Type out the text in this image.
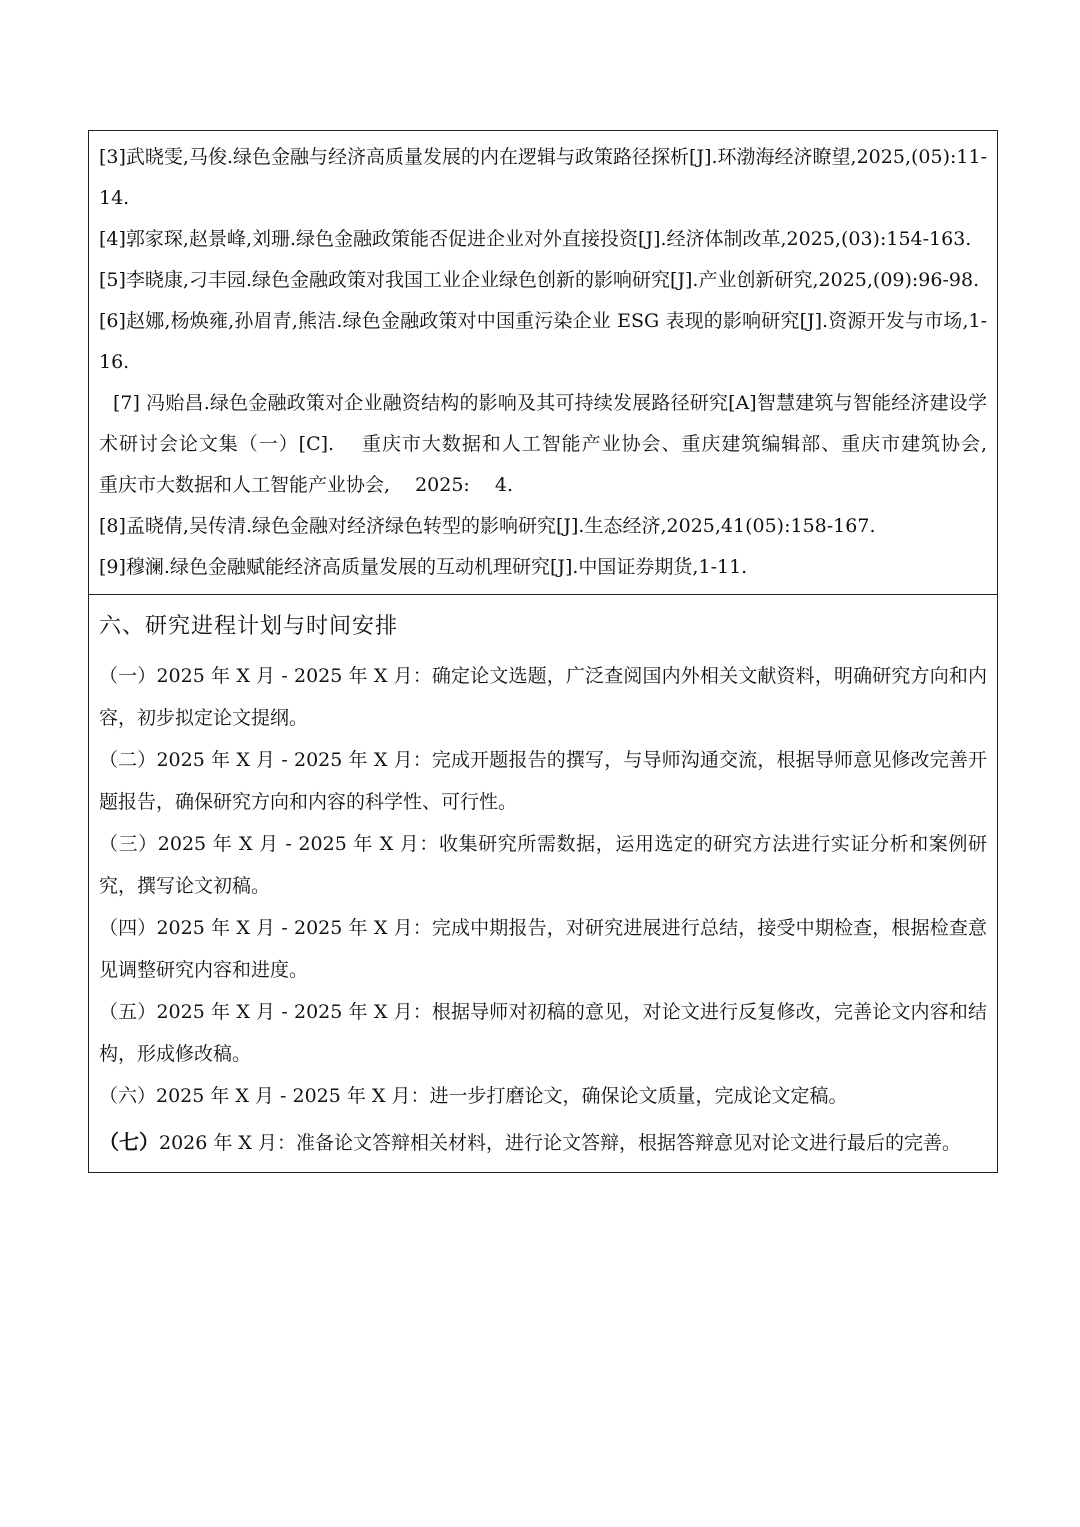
[3]武晓雯,马俊.绿色金融与经济高质量发展的内在逻辑与政策路径探析[J].环渤海经济瞭望,2025,(05):11-14.

[4]郭家琛,赵景峰,刘珊.绿色金融政策能否促进企业对外直接投资[J].经济体制改革,2025,(03):154-163.

[5]李晓康,刁丰园.绿色金融政策对我国工业企业绿色创新的影响研究[J].产业创新研究,2025,(09):96-98.

[6]赵娜,杨焕雍,孙眉青,熊洁.绿色金融政策对中国重污染企业 ESG 表现的影响研究[J].资源开发与市场,1-16.

[7] 冯贻昌.绿色金融政策对企业融资结构的影响及其可持续发展路径研究[A]智慧建筑与智能经济建设学术研讨会论文集（一）[C].　 重庆市大数据和人工智能产业协会、重庆建筑编辑部、重庆市建筑协会,　 重庆市大数据和人工智能产业协会,　 2025:　 4.

[8]孟晓倩,吴传清.绿色金融对经济绿色转型的影响研究[J].生态经济,2025,41(05):158-167.

[9]穆澜.绿色金融赋能经济高质量发展的互动机理研究[J].中国证券期货,1-11.

六、研究进程计划与时间安排

（一）2025 年 X 月 - 2025 年 X 月：确定论文选题，广泛查阅国内外相关文献资料，明确研究方向和内容，初步拟定论文提纲。

（二）2025 年 X 月 - 2025 年 X 月：完成开题报告的撰写，与导师沟通交流，根据导师意见修改完善开题报告，确保研究方向和内容的科学性、可行性。

（三）2025 年 X 月 - 2025 年 X 月：收集研究所需数据，运用选定的研究方法进行实证分析和案例研究，撰写论文初稿。

（四）2025 年 X 月 - 2025 年 X 月：完成中期报告，对研究进展进行总结，接受中期检查，根据检查意见调整研究内容和进度。

（五）2025 年 X 月 - 2025 年 X 月：根据导师对初稿的意见，对论文进行反复修改，完善论文内容和结构，形成修改稿。

（六）2025 年 X 月 - 2025 年 X 月：进一步打磨论文，确保论文质量，完成论文定稿。

（七）2026 年 X 月：准备论文答辩相关材料，进行论文答辩，根据答辩意见对论文进行最后的完善。
